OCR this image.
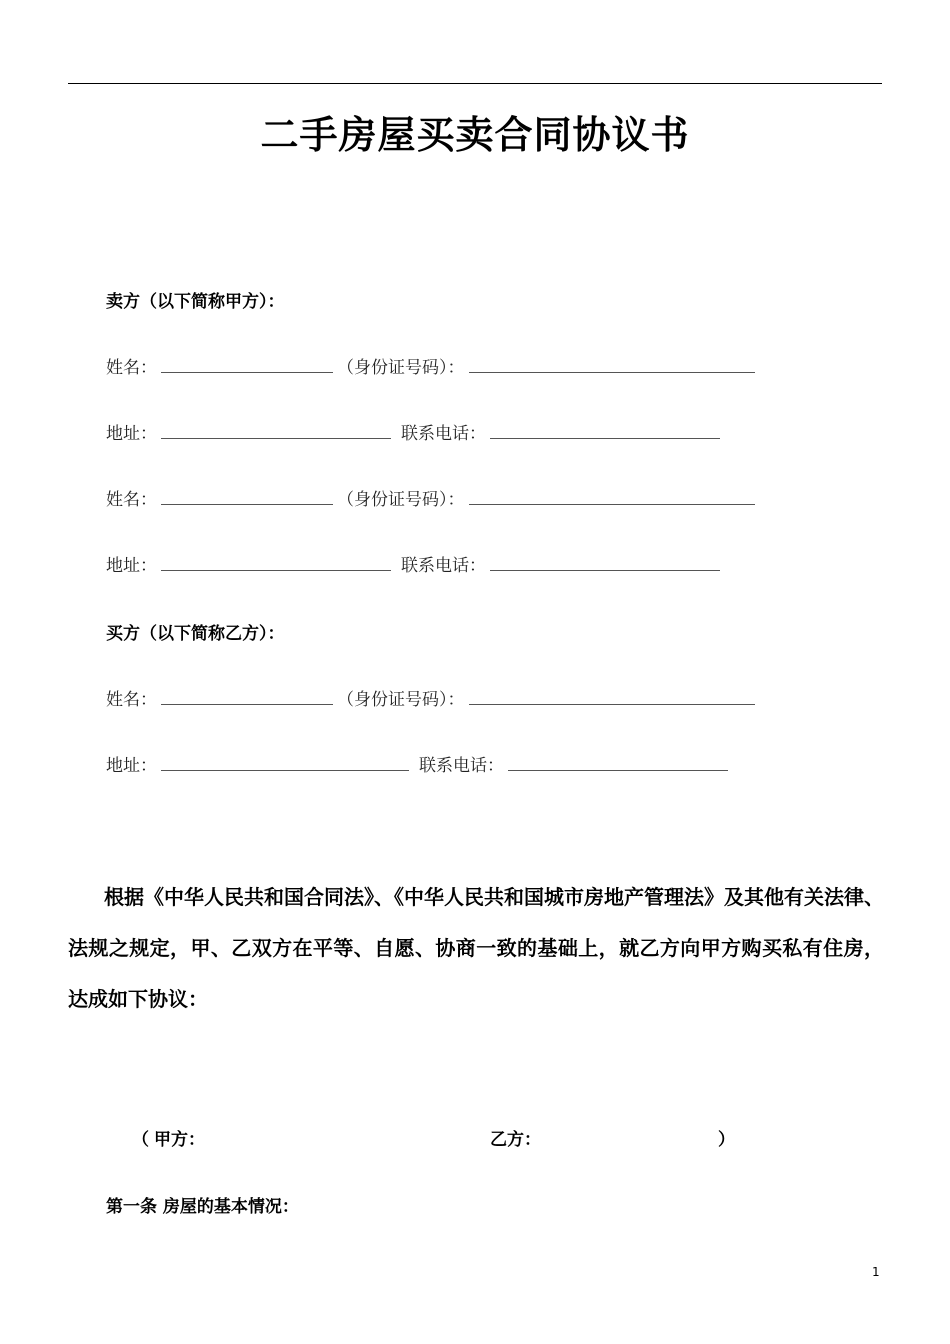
二手房屋买卖合同协议书
卖方（以下简称甲方）：
姓名：	（身份证号码）：
地址：	联系电话：
姓名：	（身份证号码）：
地址：	联系电话：
买方（以下简称乙方）：
姓名：	（身份证号码）：
地址：	联系电话：
根据《中华人民共和国合同法》、《中华人民共和国城市房地产管理法》及其他有关法律、法规之规定，甲、乙双方在平等、自愿、协商一致的基础上，就乙方向甲方购买私有住房，达成如下协议：
（ 甲方：	乙方：	）
第一条 房屋的基本情况：
1
